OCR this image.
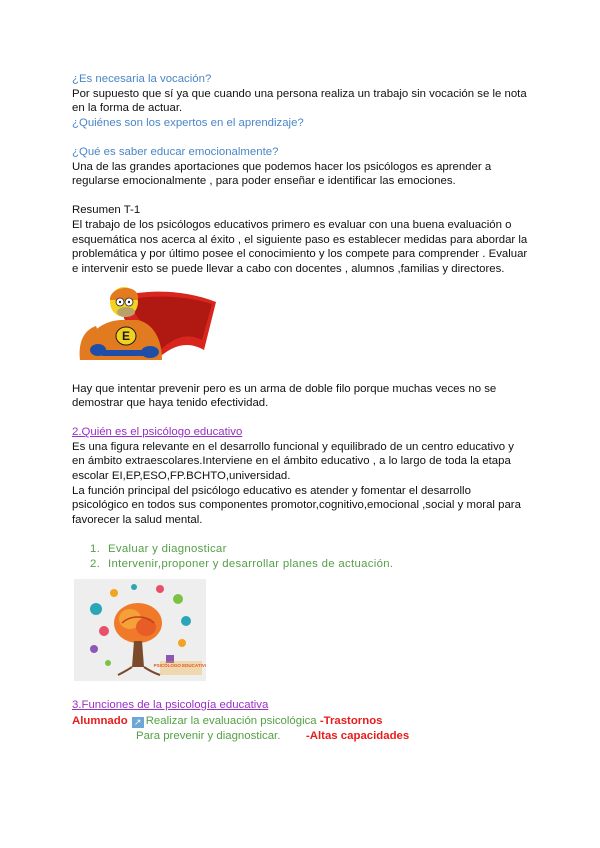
¿Es necesaria la vocación?

Por supuesto que sí ya que cuando una persona realiza un trabajo sin vocación se le nota en la forma de actuar.

¿Quiénes son los expertos en el aprendizaje?

¿Qué es saber educar emocionalmente?

Una de las grandes aportaciones que podemos hacer los psicólogos es aprender a regularse emocionalmente , para poder enseñar e identificar las emociones.

Resumen T-1

El trabajo de los psicólogos educativos primero es evaluar con una buena evaluación o esquemática nos acerca al éxito , el siguiente paso es establecer medidas para abordar la problemática y por último posee el conocimiento y los compete para comprender . Evaluar e intervenir esto se puede llevar a cabo con docentes , alumnos ,familias y directores.

E

Hay que intentar prevenir pero es un arma de doble filo porque muchas veces no se demostrar que haya tenido efectividad.

2.Quién es el psicólogo educativo

Es una figura relevante en el desarrollo funcional y equilibrado de un centro educativo y en ámbito extraescolares.Interviene en el ámbito educativo , a lo largo de toda la etapa escolar EI,EP,ESO,FP.BCHTO,universidad.

La función principal del psicólogo educativo es atender y fomentar el desarrollo psicológico en todos sus componentes promotor,cognitivo,emocional ,social y moral para favorecer la salud mental.

1. Evaluar y diagnosticar
2. Intervenir,proponer y desarrollar planes de actuación.
PSICÓLOGO EDUCATIVO

3.Funciones de la psicología educativa

Alumnado ↗ Realizar la evaluación psicológica -Trastornos
Para prevenir y diagnosticar. -Altas capacidades
